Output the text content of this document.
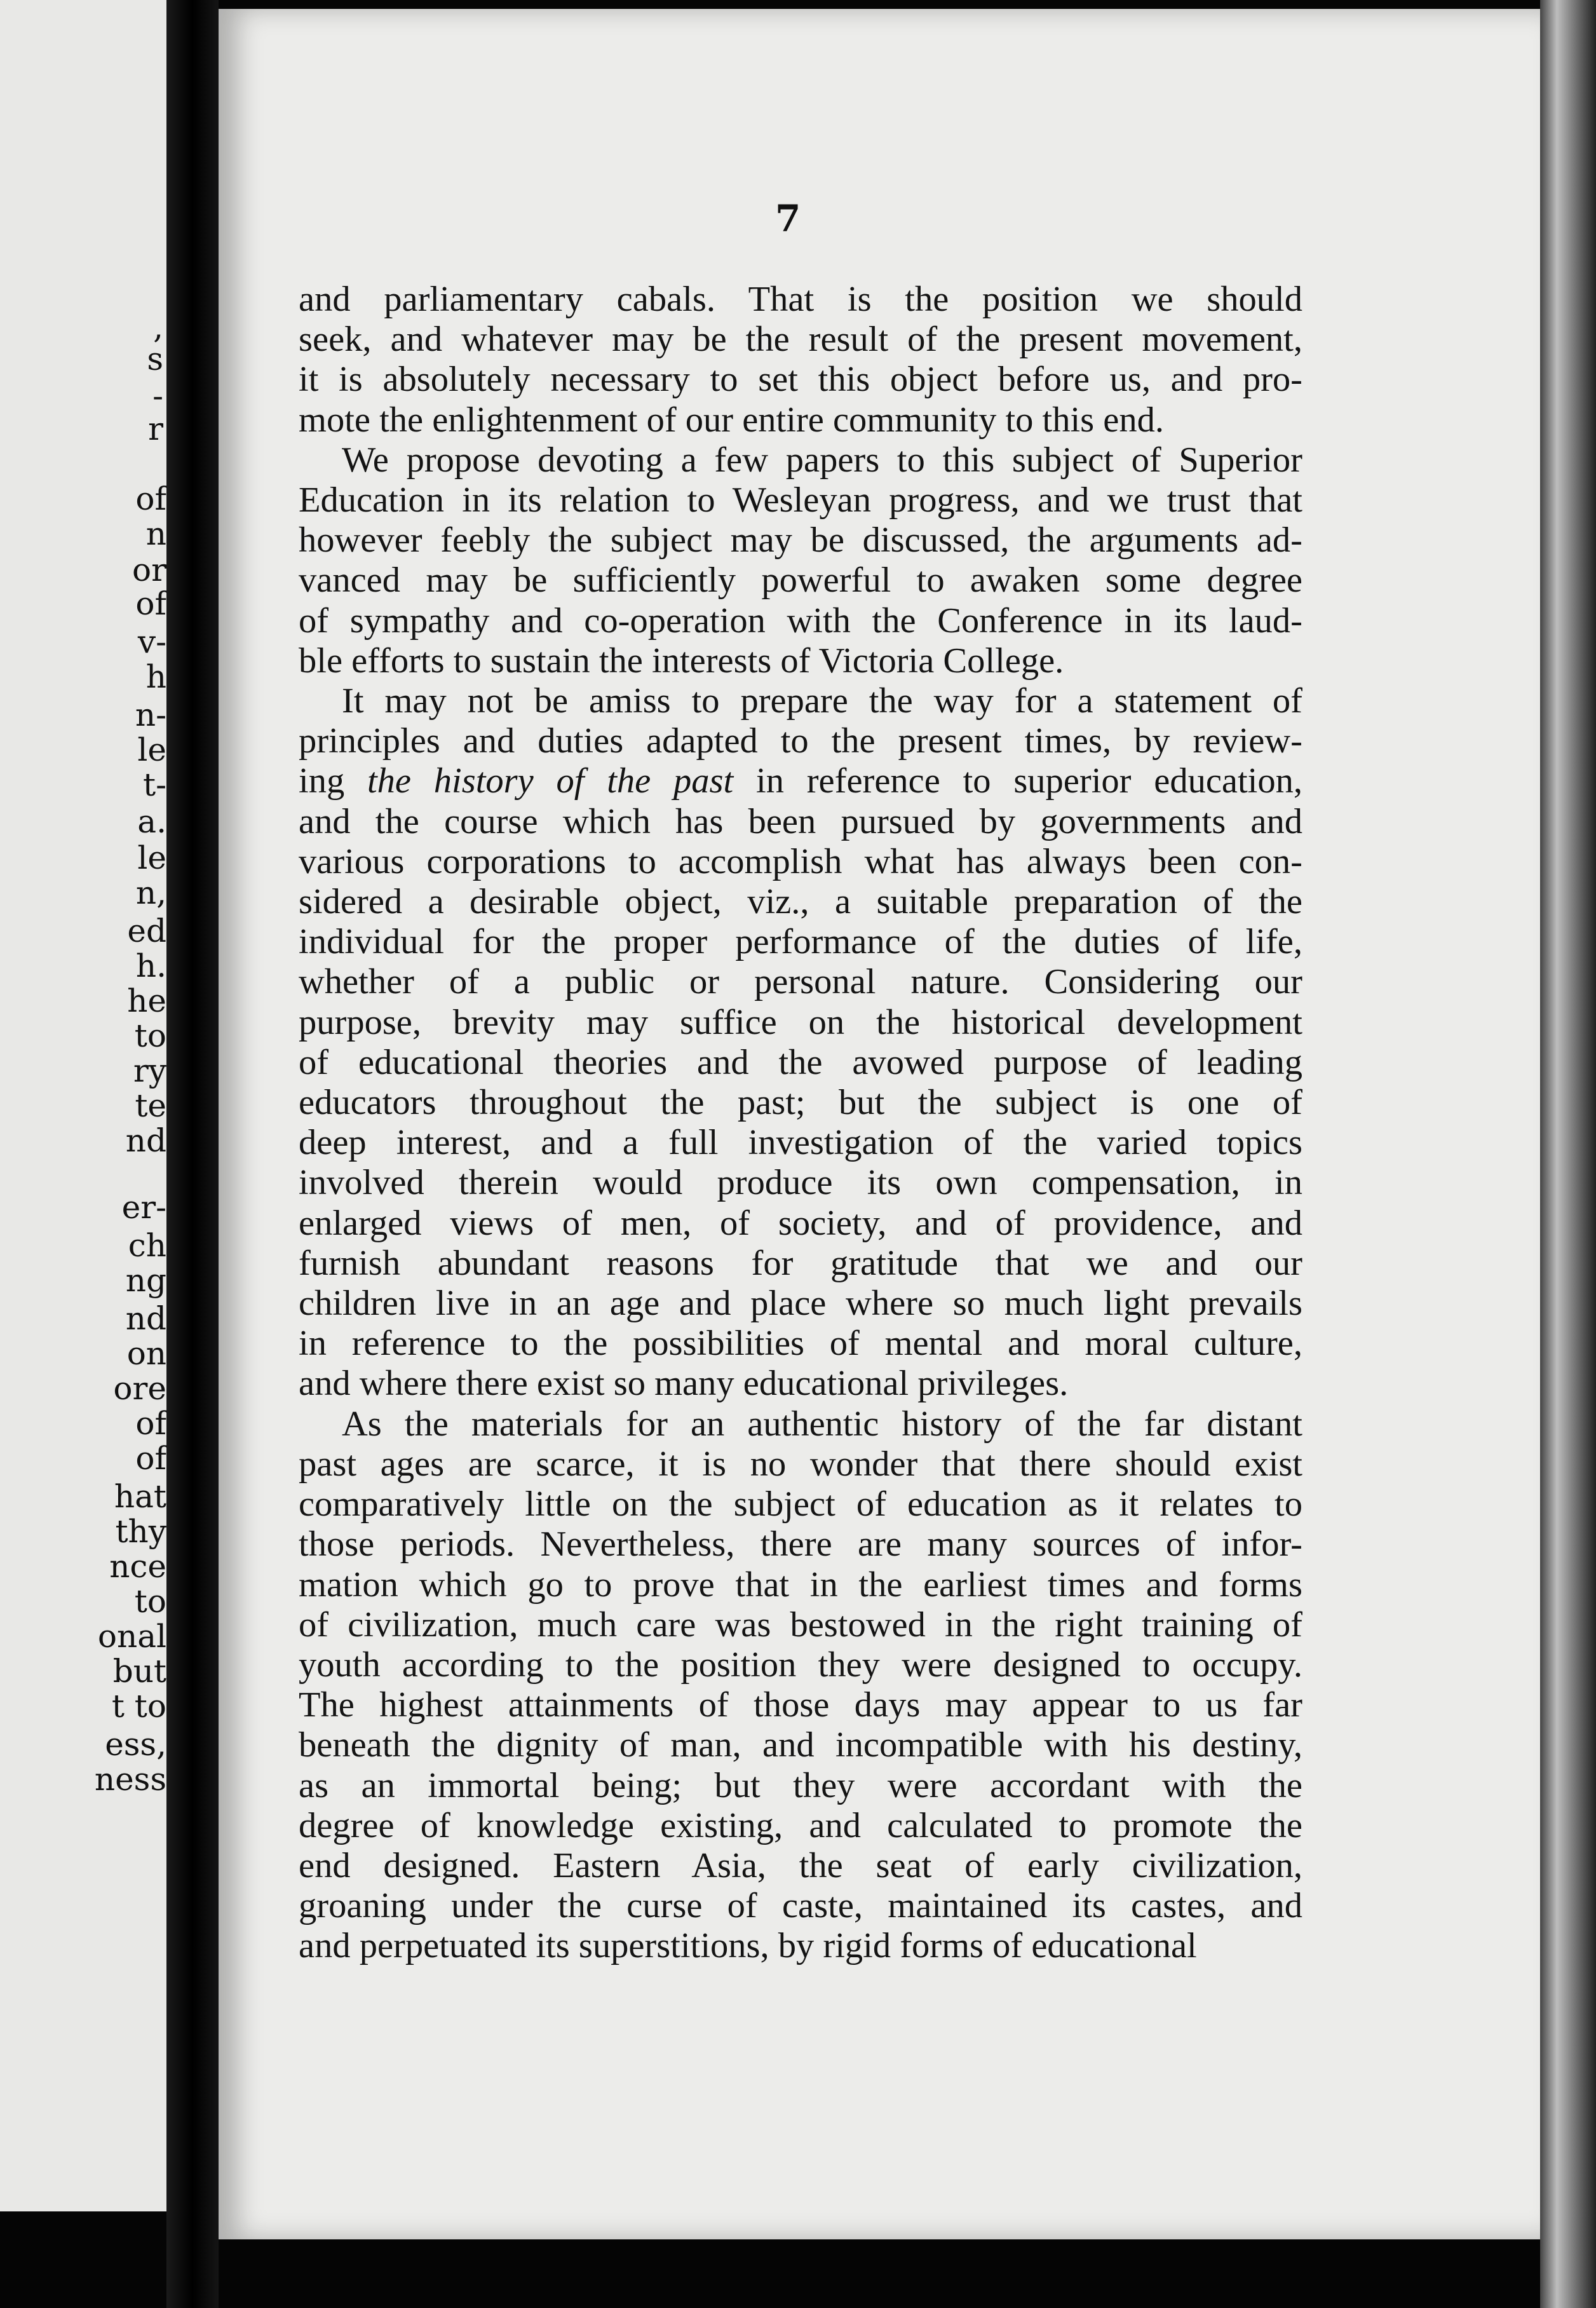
,
s
-
r
of
n
or
of
v-
h
n-
le
t-
a.
le
n,
ed
h.
he
to
ry
te
nd
er-
ch
ng
nd
on
ore
of
of
hat
thy
nce
to
onal
but
t to
ess,
ness
7

and parliamentary cabals. That is the position we should
seek, and whatever may be the result of the present movement,
it is absolutely necessary to set this object before us, and pro-
mote the enlightenment of our entire community to this end.

We propose devoting a few papers to this subject of Superior
Education in its relation to Wesleyan progress, and we trust that
however feebly the subject may be discussed, the arguments ad-
vanced may be sufficiently powerful to awaken some degree
of sympathy and co-operation with the Conference in its laud-
ble efforts to sustain the interests of Victoria College.

It may not be amiss to prepare the way for a statement of
principles and duties adapted to the present times, by review-
ing the history of the past in reference to superior education,
and the course which has been pursued by governments and
various corporations to accomplish what has always been con-
sidered a desirable object, viz., a suitable preparation of the
individual for the proper performance of the duties of life,
whether of a public or personal nature. Considering our
purpose, brevity may suffice on the historical development
of educational theories and the avowed purpose of leading
educators throughout the past; but the subject is one of
deep interest, and a full investigation of the varied topics
involved therein would produce its own compensation, in
enlarged views of men, of society, and of providence, and
furnish abundant reasons for gratitude that we and our
children live in an age and place where so much light prevails
in reference to the possibilities of mental and moral culture,
and where there exist so many educational privileges.

As the materials for an authentic history of the far distant
past ages are scarce, it is no wonder that there should exist
comparatively little on the subject of education as it relates to
those periods. Nevertheless, there are many sources of infor-
mation which go to prove that in the earliest times and forms
of civilization, much care was bestowed in the right training of
youth according to the position they were designed to occupy.
The highest attainments of those days may appear to us far
beneath the dignity of man, and incompatible with his destiny,
as an immortal being; but they were accordant with the
degree of knowledge existing, and calculated to promote the
end designed. Eastern Asia, the seat of early civilization,
groaning under the curse of caste, maintained its castes, and
and perpetuated its superstitions, by rigid forms of educational
